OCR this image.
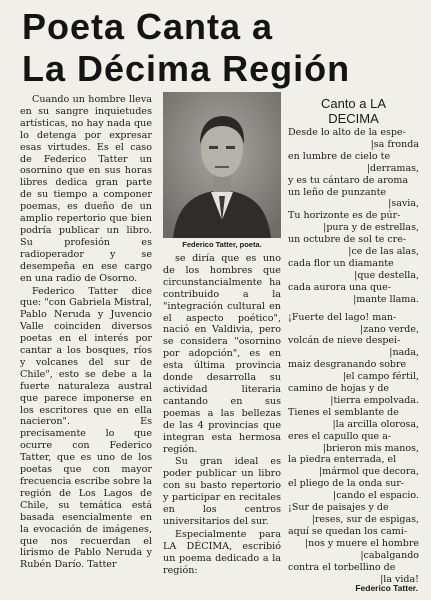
Poeta Canta a
La Décima Región

Cuando un hombre lleva en su sangre inquietudes artísticas, no hay nada que lo detenga por expresar esas virtudes. Es el caso de Federico Tatter un osornino que en sus horas libres dedica gran parte de su tiempo a componer poemas, es dueño de un amplio repertorio que bien podría publicar un libro. Su profesión es radioperador y se desempeña en ese cargo en una radio de Osorno.

Federico Tatter dice que: "con Gabriela Mistral, Pablo Neruda y Juvencio Valle coinciden diversos poetas en el interés por cantar a los bosques, ríos y volcanes del sur de Chile", esto se debe a la fuerte naturaleza austral que parece imponerse en los escritores que en ella nacieron". Es precisamente lo que ocurre con Federico Tatter, que es uno de los poetas que con mayor frecuencia escribe sobre la región de Los Lagos de Chile, su temática está basada esencialmente en la evocación de imágenes, que nos recuerdan el lirismo de Pablo Neruda y Rubén Darío. Tatter

Federico Tatter, poeta.

se diría que es uno de los hombres que circunstancialmente ha contribuido a la "integración cultural en el aspecto poético", nació en Valdivia, pero se considera "osornino por adopción", es en esta última provincia donde desarrolla su actividad literaria cantando en sus poemas a las bellezas de las 4 provincias que integran esta hermosa región.

Su gran ideal es poder publicar un libro con su basto repertorio y participar en recitales en los centros universitarios del sur.

Especialmente para LA DÉCIMA, escribió un poema dedicado a la región:

Canto a LA
DECIMA
Desde lo alto de la espe-
|sa fronda
en lumbre de cielo te
|derramas,
y es tu cántaro de aroma
un leño de punzante
|savia,
Tu horizonte es de púr-
|pura y de estrellas,
un octubre de sol te cre-
|ce de las alas,
cada flor un diamante
|que destella,
cada aurora una que-
|mante llama.
¡Fuerte del lago! man-
|zano verde,
volcán de nieve despei-
|nada,
maiz desgranando sobre
|el campo fértil,
camino de hojas y de
|tierra empolvada.
Tienes el semblante de
|la arcilla olorosa,
eres el capullo que a-
|brieron mis manos,
la piedra enterrada, el
|mármol que decora,
el pliego de la onda sur-
|cando el espacio.
¡Sur de paisajes y de
|reses, sur de espigas,
aquí se quedan los cami-
|nos y muere el hombre
|cabalgando
contra el torbellino de
|la vida!
Federico Tatter.
